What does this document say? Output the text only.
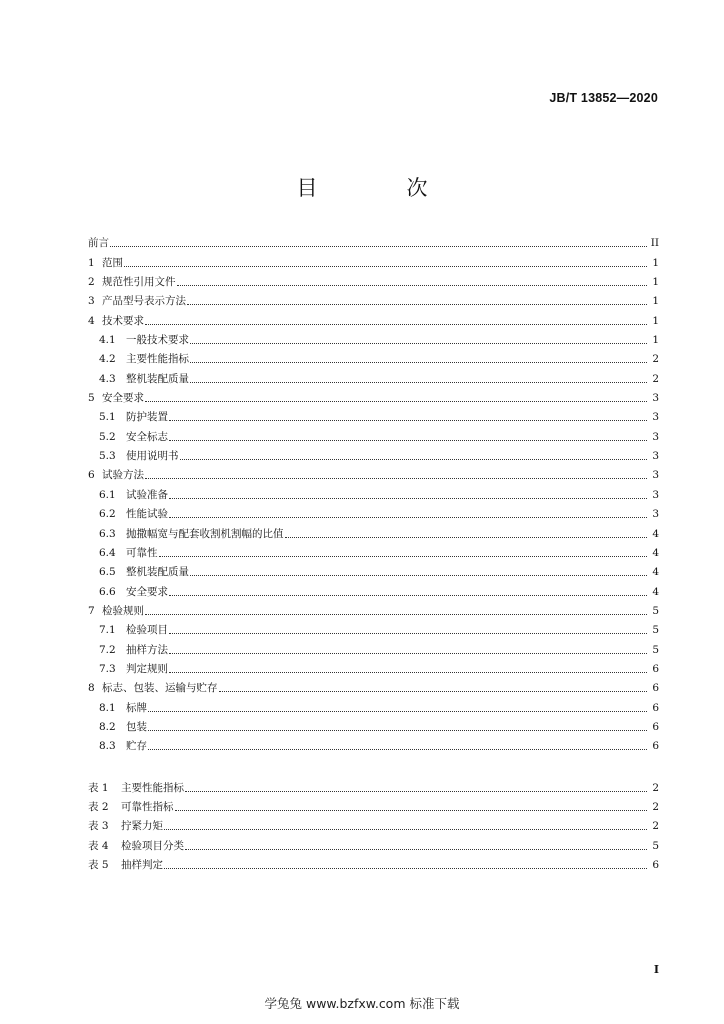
JB/T 13852—2020
目　次
前言	II
1 范围	1
2 规范性引用文件	1
3 产品型号表示方法	1
4 技术要求	1
4.1 一般技术要求	1
4.2 主要性能指标	2
4.3 整机装配质量	2
5 安全要求	3
5.1 防护装置	3
5.2 安全标志	3
5.3 使用说明书	3
6 试验方法	3
6.1 试验准备	3
6.2 性能试验	3
6.3 抛撒幅宽与配套收割机割幅的比值	4
6.4 可靠性	4
6.5 整机装配质量	4
6.6 安全要求	4
7 检验规则	5
7.1 检验项目	5
7.2 抽样方法	5
7.3 判定规则	6
8 标志、包装、运输与贮存	6
8.1 标牌	6
8.2 包装	6
8.3 贮存	6
表 1 主要性能指标	2
表 2 可靠性指标	2
表 3 拧紧力矩	2
表 4 检验项目分类	5
表 5 抽样判定	6
I
学兔兔 www.bzfxw.com 标准下载
